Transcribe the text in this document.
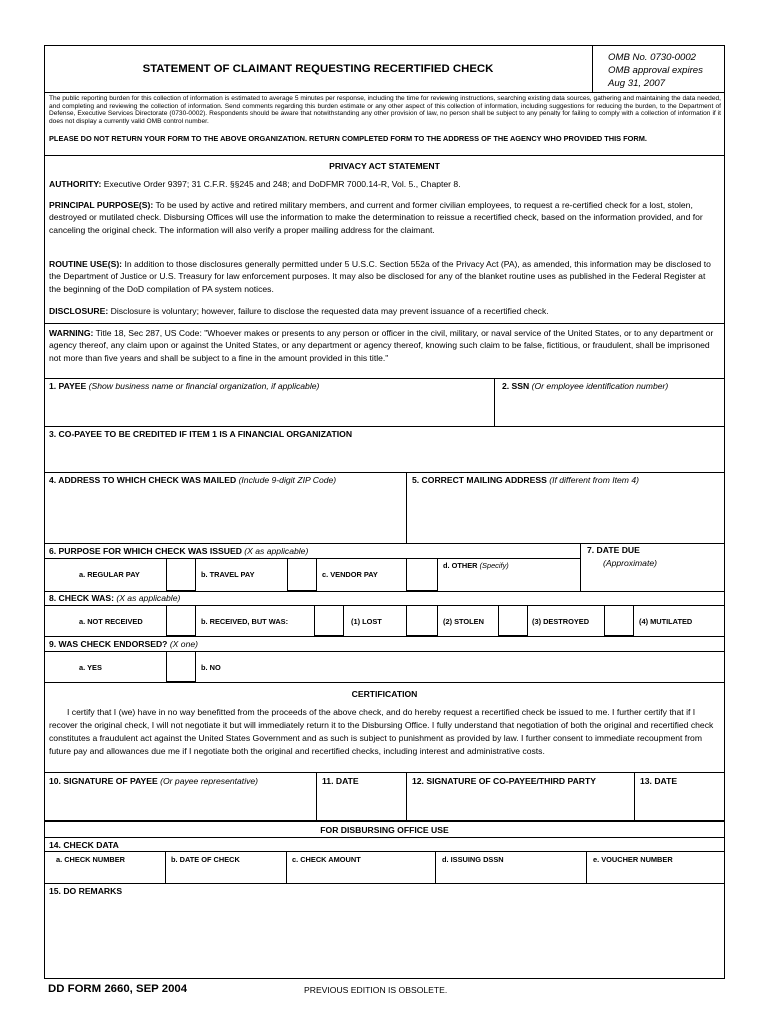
STATEMENT OF CLAIMANT REQUESTING RECERTIFIED CHECK
OMB No. 0730-0002
OMB approval expires
Aug 31, 2007
The public reporting burden for this collection of information is estimated to average 5 minutes per response, including the time for reviewing instructions, searching existing data sources, gathering and maintaining the data needed, and completing and reviewing the collection of information. Send comments regarding this burden estimate or any other aspect of this collection of information, including suggestions for reducing the burden, to the Department of Defense, Executive Services Directorate (0730-0002). Respondents should be aware that notwithstanding any other provision of law, no person shall be subject to any penalty for failing to comply with a collection of information if it does not display a currently valid OMB control number.
PLEASE DO NOT RETURN YOUR FORM TO THE ABOVE ORGANIZATION. RETURN COMPLETED FORM TO THE ADDRESS OF THE AGENCY WHO PROVIDED THIS FORM.
PRIVACY ACT STATEMENT
AUTHORITY: Executive Order 9397; 31 C.F.R. §§245 and 248; and DoDFMR 7000.14-R, Vol. 5., Chapter 8.
PRINCIPAL PURPOSE(S): To be used by active and retired military members, and current and former civilian employees, to request a re-certified check for a lost, stolen, destroyed or mutilated check. Disbursing Offices will use the information to make the determination to reissue a recertified check, based on the information provided, and for canceling the original check. The information will also verify a proper mailing address for the claimant.
ROUTINE USE(S): In addition to those disclosures generally permitted under 5 U.S.C. Section 552a of the Privacy Act (PA), as amended, this information may be disclosed to the Department of Justice or U.S. Treasury for law enforcement purposes. It may also be disclosed for any of the blanket routine uses as published in the Federal Register at the beginning of the DoD compilation of PA system notices.
DISCLOSURE: Disclosure is voluntary; however, failure to disclose the requested data may prevent issuance of a recertified check.
WARNING: Title 18, Sec 287, US Code: "Whoever makes or presents to any person or officer in the civil, military, or naval service of the United States, or to any department or agency thereof, any claim upon or against the United States, or any department or agency thereof, knowing such claim to be false, fictitious, or fraudulent, shall be imprisoned not more than five years and shall be subject to a fine in the amount provided in this title."
1. PAYEE (Show business name or financial organization, if applicable)	2. SSN (Or employee identification number)
3. CO-PAYEE TO BE CREDITED IF ITEM 1 IS A FINANCIAL ORGANIZATION
4. ADDRESS TO WHICH CHECK WAS MAILED (Include 9-digit ZIP Code)	5. CORRECT MAILING ADDRESS (If different from Item 4)
6. PURPOSE FOR WHICH CHECK WAS ISSUED (X as applicable)
a. REGULAR PAY	b. TRAVEL PAY	c. VENDOR PAY
d. OTHER (Specify)
7. DATE DUE
(Approximate)
8. CHECK WAS: (X as applicable)
a. NOT RECEIVED	b. RECEIVED, BUT WAS:	(1) LOST	(2) STOLEN	(3) DESTROYED	(4) MUTILATED
9. WAS CHECK ENDORSED? (X one)
a. YES	b. NO
CERTIFICATION
I certify that I (we) have in no way benefitted from the proceeds of the above check, and do hereby request a recertified check be issued to me. I further certify that if I recover the original check, I will not negotiate it but will immediately return it to the Disbursing Office. I fully understand that negotiation of both the original and recertified check constitutes a fraudulent act against the United States Government and as such is subject to punishment as provided by law. I further consent to immediate recoupment from future pay and allowances due me if I negotiate both the original and recertified checks, including interest and administrative costs.
10. SIGNATURE OF PAYEE (Or payee representative)	11. DATE	12. SIGNATURE OF CO-PAYEE/THIRD PARTY	13. DATE
FOR DISBURSING OFFICE USE
14. CHECK DATA
a. CHECK NUMBER	b. DATE OF CHECK	c. CHECK AMOUNT	d. ISSUING DSSN	e. VOUCHER NUMBER
15. DO REMARKS
DD FORM 2660, SEP 2004	PREVIOUS EDITION IS OBSOLETE.
